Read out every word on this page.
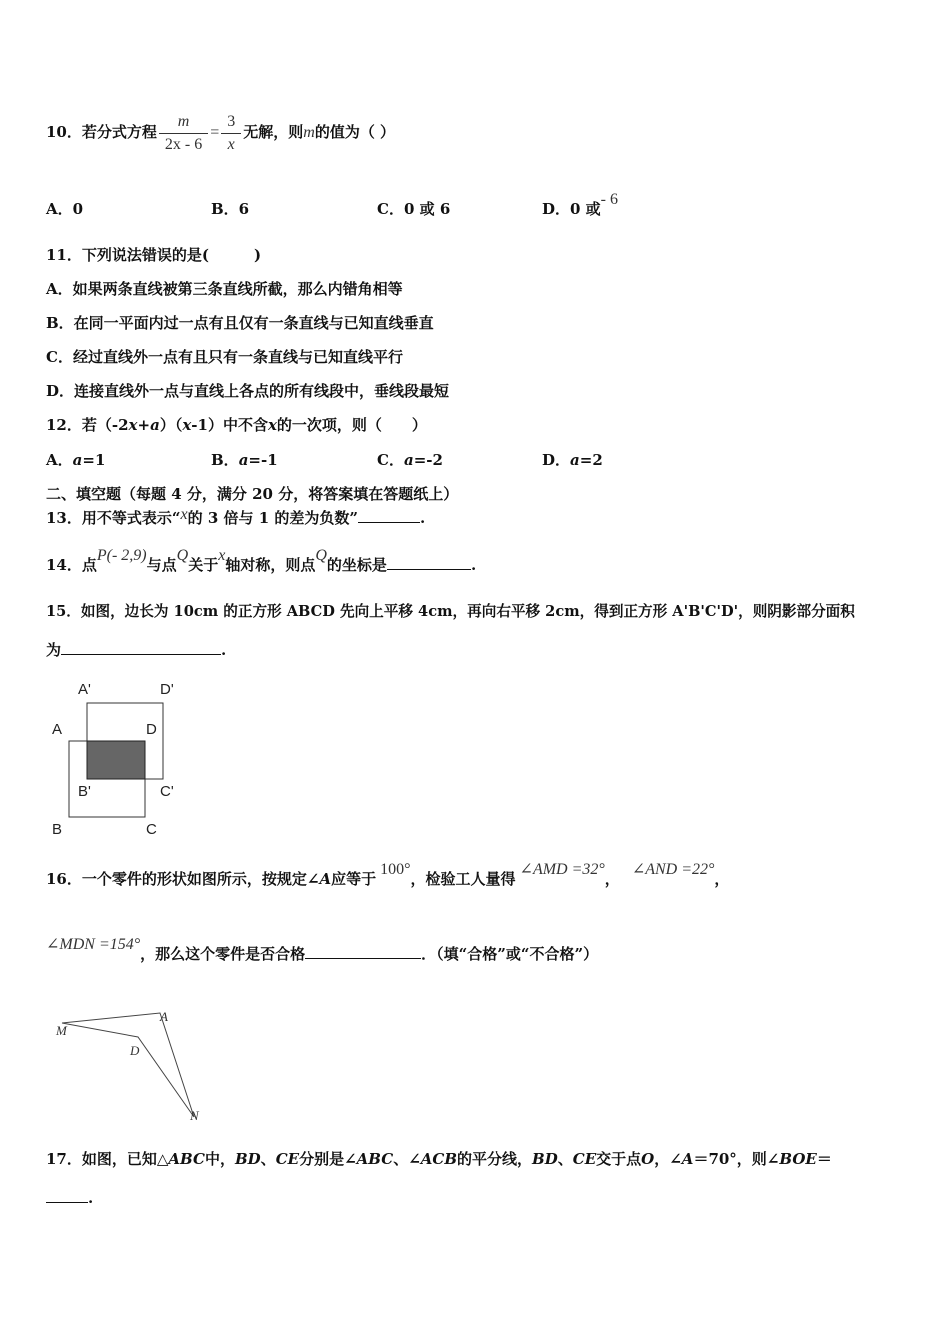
10．若分式方程 $\frac{m}{2x - 6} = \frac{3}{x}$ 无解，则m的值为（ ）
A．0	B．6	C．0 或 6	D．0 或- 6
11．下列说法错误的是(　　　)
A．如果两条直线被第三条直线所截，那么内错角相等
B．在同一平面内过一点有且仅有一条直线与已知直线垂直
C．经过直线外一点有且只有一条直线与已知直线平行
D．连接直线外一点与直线上各点的所有线段中，垂线段最短
12．若（-2x+a）（x-1）中不含x的一次项，则（　　）
A．a=1	B．a=-1	C．a=-2	D．a=2
二、填空题（每题 4 分，满分 20 分，将答案填在答题纸上）
13．用不等式表示“x的 3 倍与 1 的差为负数”	.
14．点P(- 2,9)与点Q关于x轴对称，则点Q的坐标是	.
15．如图，边长为 10cm 的正方形 ABCD 先向上平移 4cm，再向右平移 2cm，得到正方形 A'B'C'D'，则阴影部分面积
为	.
A'	D'
A	D
B'	C'
B	C
16．一个零件的形状如图所示，按规定∠A应等于100°，检验工人量得∠AMD =32°，∠AND =22°，
∠MDN =154°，那么这个零件是否合格	．（填“合格”或“不合格”）
M
A
D
N
17．如图，已知△ABC中，BD、CE分别是∠ABC、∠ACB的平分线，BD、CE交于点O，∠A＝70°，则∠BOE＝
.
